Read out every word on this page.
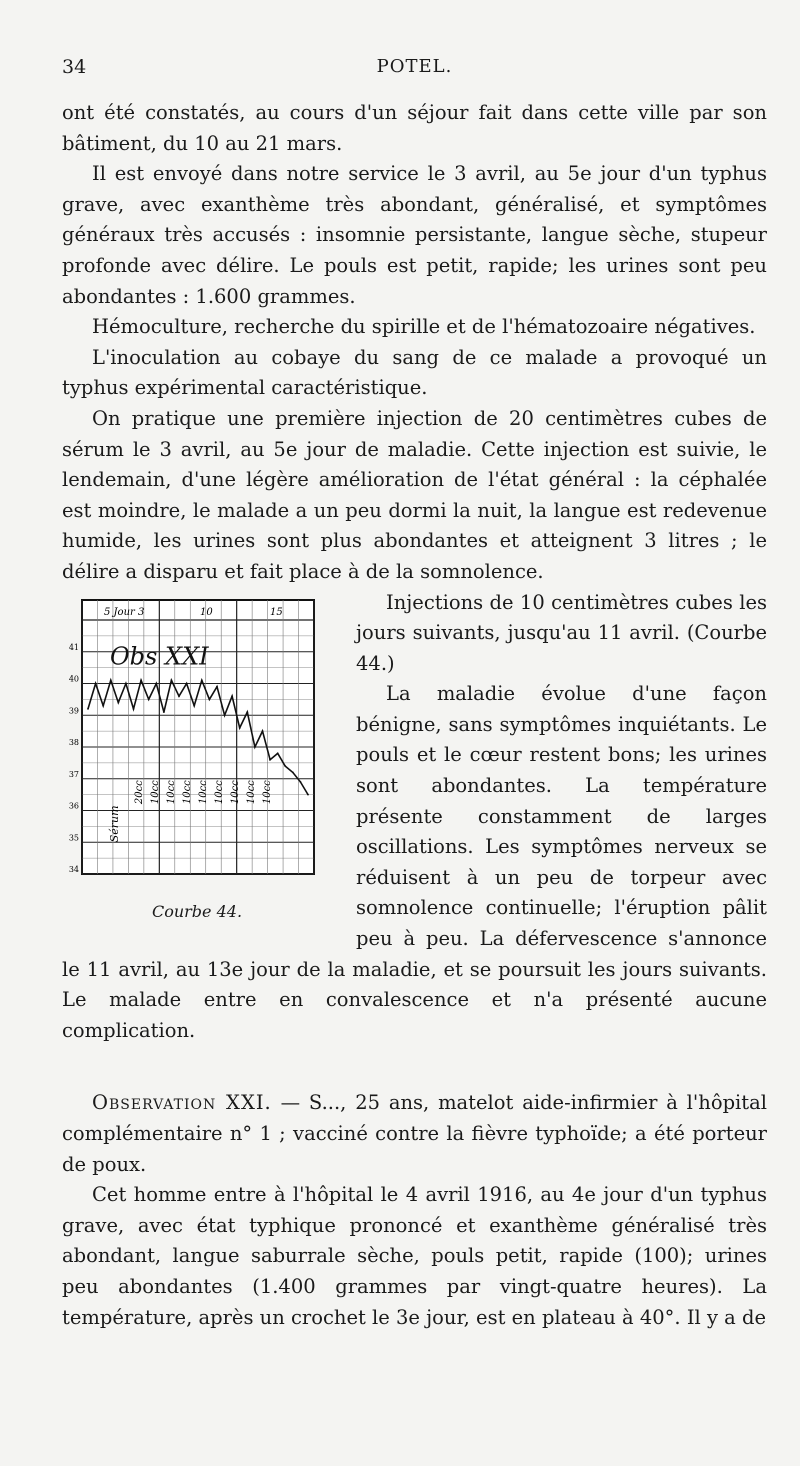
34	POTEL.

ont été constatés, au cours d'un séjour fait dans cette ville par son bâtiment, du 10 au 21 mars.

Il est envoyé dans notre service le 3 avril, au 5e jour d'un typhus grave, avec exanthème très abondant, généralisé, et symptômes généraux très accusés : insomnie persistante, langue sèche, stupeur profonde avec délire. Le pouls est petit, rapide; les urines sont peu abondantes : 1.600 grammes.

Hémoculture, recherche du spirille et de l'hématozoaire négatives.

L'inoculation au cobaye du sang de ce malade a provoqué un typhus expérimental caractéristique.

On pratique une première injection de 20 centimètres cubes de sérum le 3 avril, au 5e jour de maladie. Cette injection est suivie, le lendemain, d'une légère amélioration de l'état général : la céphalée est moindre, le malade a un peu dormi la nuit, la langue est redevenue humide, les urines sont plus abondantes et atteignent 3 litres ; le délire a disparu et fait place à de la somnolence.

41
40
39
38
37
36
35
34
5 Jour 3	10	15
Obs XXI
Sérum
20cc 10cc 10cc 10cc 10cc 10cc 10cc 10cc 10cc
Courbe 44.

Injections de 10 centimètres cubes les jours suivants, jusqu'au 11 avril. (Courbe 44.)

La maladie évolue d'une façon bénigne, sans symptômes inquiétants. Le pouls et le cœur restent bons; les urines sont abondantes. La température présente constamment de larges oscillations. Les symptômes nerveux se réduisent à un peu de torpeur avec somnolence continuelle; l'éruption pâlit peu à peu. La défervescence s'annonce le 11 avril, au 13e jour de la maladie, et se poursuit les jours suivants. Le malade entre en convalescence et n'a présenté aucune complication.

Observation XXI. — S..., 25 ans, matelot aide-infirmier à l'hôpital complémentaire n° 1 ; vacciné contre la fièvre typhoïde; a été porteur de poux.

Cet homme entre à l'hôpital le 4 avril 1916, au 4e jour d'un typhus grave, avec état typhique prononcé et exanthème généralisé très abondant, langue saburrale sèche, pouls petit, rapide (100); urines peu abondantes (1.400 grammes par vingt-quatre heures). La température, après un crochet le 3e jour, est en plateau à 40°. Il y a de
